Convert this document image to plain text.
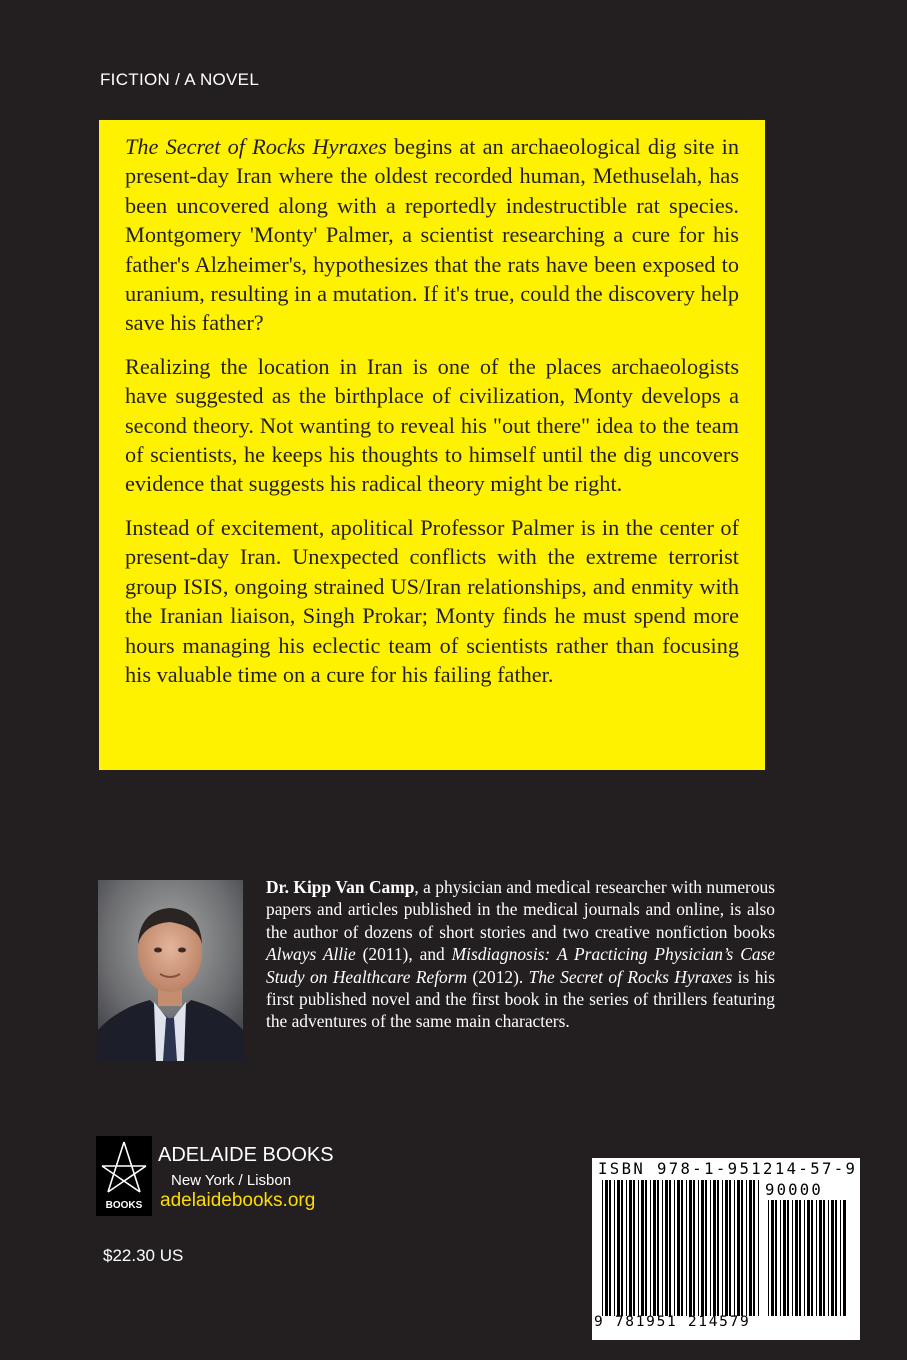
FICTION / A NOVEL

The Secret of Rocks Hyraxes begins at an archaeological dig site in present-day Iran where the oldest recorded human, Methuselah, has been uncovered along with a reportedly indestructible rat species. Montgomery 'Monty' Palmer, a scientist researching a cure for his father's Alzheimer's, hypothesizes that the rats have been exposed to uranium, resulting in a mutation. If it's true, could the discovery help save his father?

Realizing the location in Iran is one of the places archaeologists have suggested as the birthplace of civilization, Monty develops a second theory. Not wanting to reveal his "out there" idea to the team of scientists, he keeps his thoughts to himself until the dig uncovers evidence that suggests his radical theory might be right.

Instead of excitement, apolitical Professor Palmer is in the center of present-day Iran. Unexpected conflicts with the extreme terrorist group ISIS, ongoing strained US/Iran relationships, and enmity with the Iranian liaison, Singh Prokar; Monty finds he must spend more hours managing his eclectic team of scientists rather than focusing his valuable time on a cure for his failing father.

Dr. Kipp Van Camp, a physician and medical researcher with numerous papers and articles published in the medical journals and online, is also the author of dozens of short stories and two creative nonfiction books Always Allie (2011), and Misdiagnosis: A Practicing Physician’s Case Study on Healthcare Reform (2012). The Secret of Rocks Hyraxes is his first published novel and the first book in the series of thrillers featuring the adventures of the same main characters.

BOOKS
ADELAIDE BOOKS
New York / Lisbon
adelaidebooks.org
$22.30 US
ISBN 978-1-951214-57-9
90000
9 781951 214579
